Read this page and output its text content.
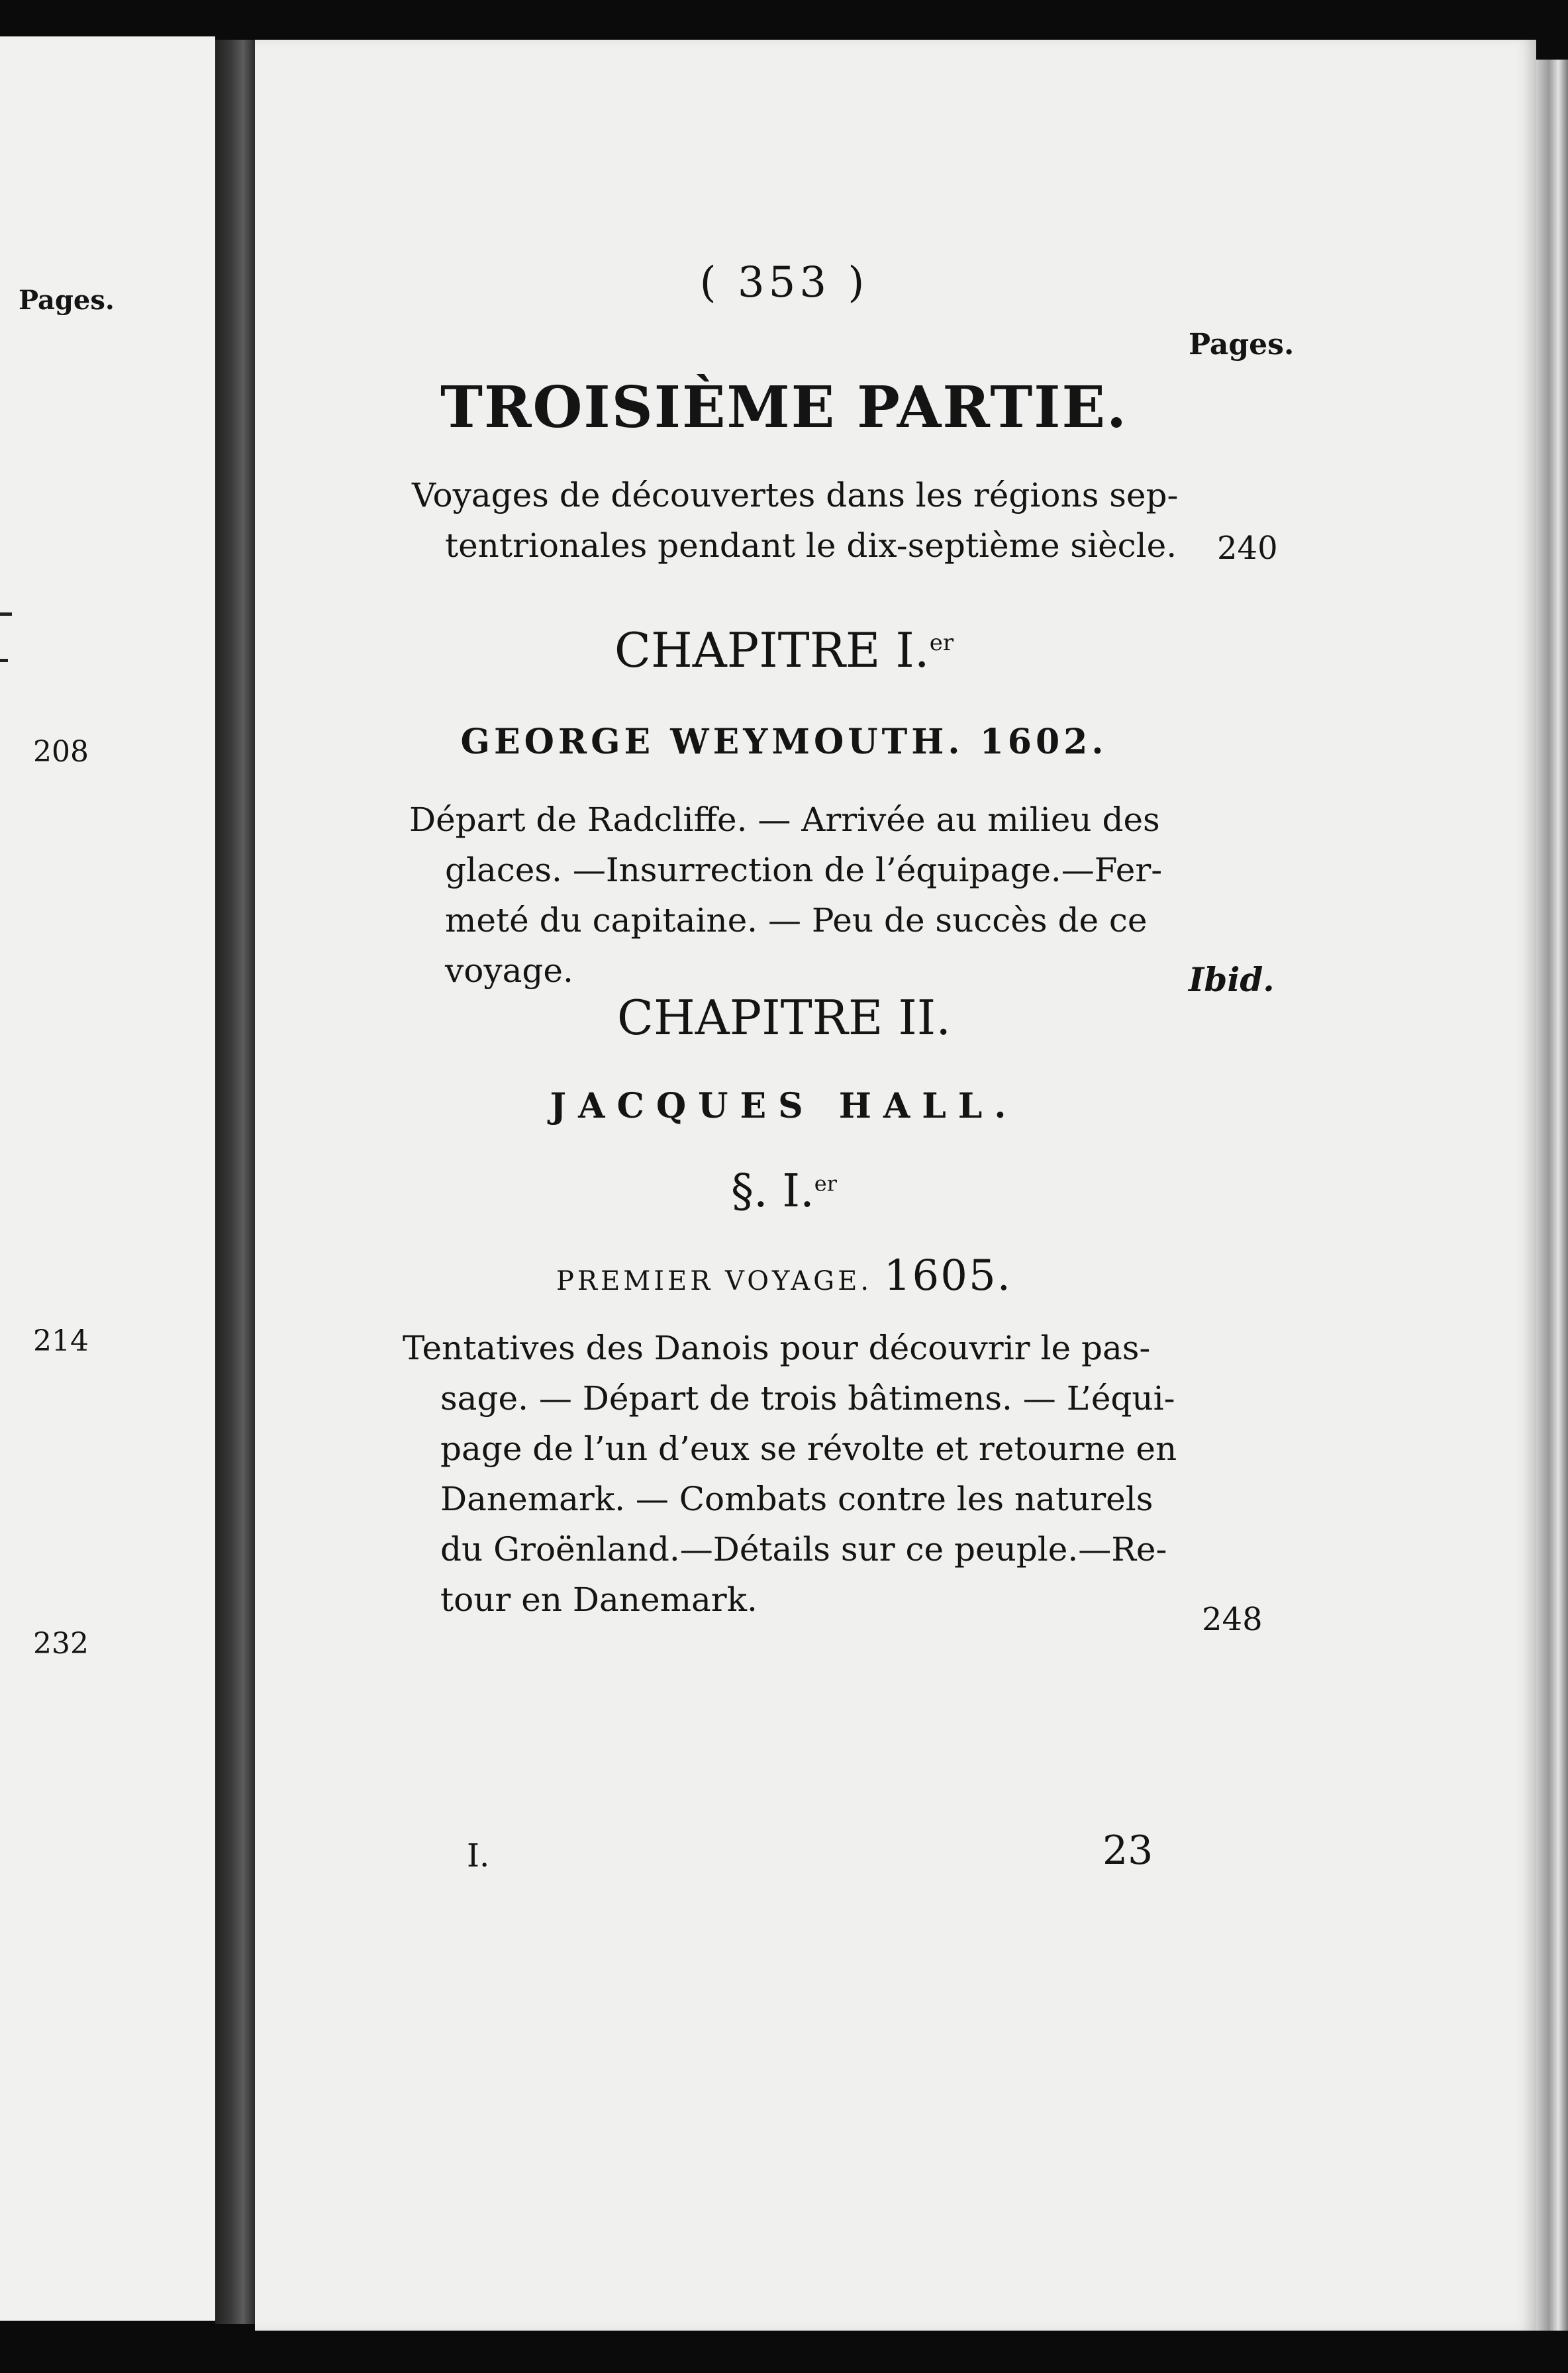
Pages.
208
214
232
( 353 )
Pages.
TROISIÈME PARTIE.
Voyages de découvertes dans les régions sep-
tentrionales pendant le dix-septième siècle. 240
CHAPITRE I.$^{er}$
GEORGE WEYMOUTH. 1602.
Départ de Radcliffe. — Arrivée au milieu des
glaces. —Insurrection de l’équipage.—Fer-
meté du capitaine. — Peu de succès de ce
voyage.	Ibid.
CHAPITRE II.
JACQUES HALL.
§. I.$^{er}$
PREMIER VOYAGE. 1605.
Tentatives des Danois pour découvrir le pas-
sage. — Départ de trois bâtimens. — L’équi-
page de l’un d’eux se révolte et retourne en
Danemark. — Combats contre les naturels
du Groënland.—Détails sur ce peuple.—Re-
tour en Danemark.
248
I.	23
